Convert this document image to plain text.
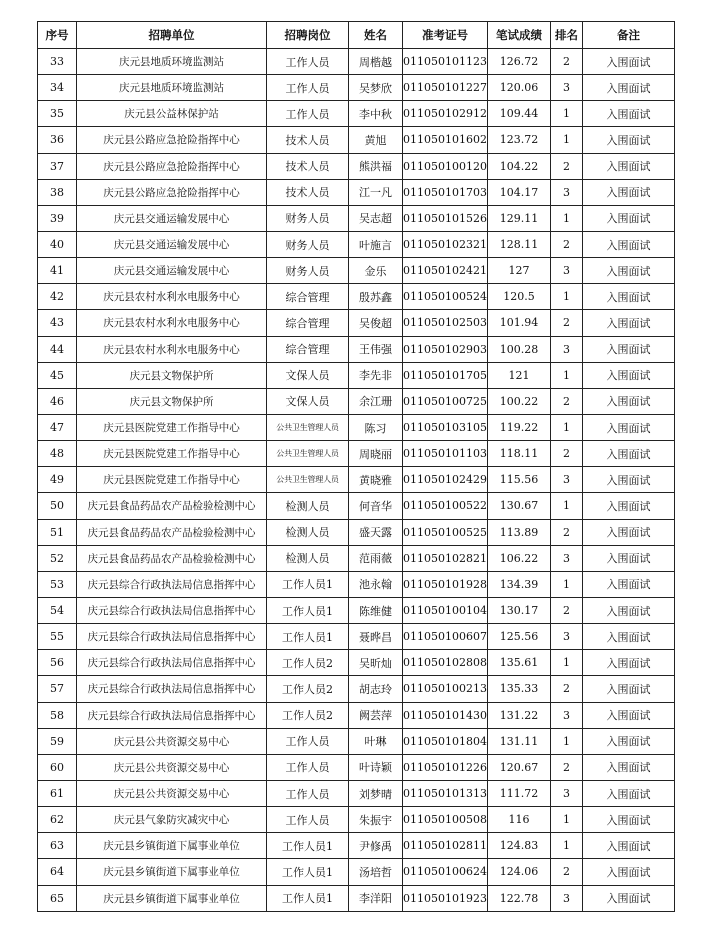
序号	招聘单位	招聘岗位	姓名	准考证号	笔试成绩	排名	备注
33	庆元县地质环境监测站	工作人员	周楷越	011050101123	126.72	2	入围面试
34	庆元县地质环境监测站	工作人员	吴梦欣	011050101227	120.06	3	入围面试
35	庆元县公益林保护站	工作人员	李中秋	011050102912	109.44	1	入围面试
36	庆元县公路应急抢险指挥中心	技术人员	黄旭	011050101602	123.72	1	入围面试
37	庆元县公路应急抢险指挥中心	技术人员	熊洪福	011050100120	104.22	2	入围面试
38	庆元县公路应急抢险指挥中心	技术人员	江一凡	011050101703	104.17	3	入围面试
39	庆元县交通运输发展中心	财务人员	吴志超	011050101526	129.11	1	入围面试
40	庆元县交通运输发展中心	财务人员	叶施言	011050102321	128.11	2	入围面试
41	庆元县交通运输发展中心	财务人员	金乐	011050102421	127	3	入围面试
42	庆元县农村水利水电服务中心	综合管理	殷苏鑫	011050100524	120.5	1	入围面试
43	庆元县农村水利水电服务中心	综合管理	吴俊超	011050102503	101.94	2	入围面试
44	庆元县农村水利水电服务中心	综合管理	王伟强	011050102903	100.28	3	入围面试
45	庆元县文物保护所	文保人员	李先非	011050101705	121	1	入围面试
46	庆元县文物保护所	文保人员	余江珊	011050100725	100.22	2	入围面试
47	庆元县医院党建工作指导中心	公共卫生管理人员	陈习	011050103105	119.22	1	入围面试
48	庆元县医院党建工作指导中心	公共卫生管理人员	周晓丽	011050101103	118.11	2	入围面试
49	庆元县医院党建工作指导中心	公共卫生管理人员	黄晓雅	011050102429	115.56	3	入围面试
50	庆元县食品药品农产品检验检测中心	检测人员	何音华	011050100522	130.67	1	入围面试
51	庆元县食品药品农产品检验检测中心	检测人员	盛天露	011050100525	113.89	2	入围面试
52	庆元县食品药品农产品检验检测中心	检测人员	范雨薇	011050102821	106.22	3	入围面试
53	庆元县综合行政执法局信息指挥中心	工作人员1	池永翰	011050101928	134.39	1	入围面试
54	庆元县综合行政执法局信息指挥中心	工作人员1	陈维健	011050100104	130.17	2	入围面试
55	庆元县综合行政执法局信息指挥中心	工作人员1	聂晔昌	011050100607	125.56	3	入围面试
56	庆元县综合行政执法局信息指挥中心	工作人员2	吴昕灿	011050102808	135.61	1	入围面试
57	庆元县综合行政执法局信息指挥中心	工作人员2	胡志玲	011050100213	135.33	2	入围面试
58	庆元县综合行政执法局信息指挥中心	工作人员2	阙芸萍	011050101430	131.22	3	入围面试
59	庆元县公共资源交易中心	工作人员	叶琳	011050101804	131.11	1	入围面试
60	庆元县公共资源交易中心	工作人员	叶诗颖	011050101226	120.67	2	入围面试
61	庆元县公共资源交易中心	工作人员	刘梦晴	011050101313	111.72	3	入围面试
62	庆元县气象防灾减灾中心	工作人员	朱振宇	011050100508	116	1	入围面试
63	庆元县乡镇街道下属事业单位	工作人员1	尹修禹	011050102811	124.83	1	入围面试
64	庆元县乡镇街道下属事业单位	工作人员1	汤培哲	011050100624	124.06	2	入围面试
65	庆元县乡镇街道下属事业单位	工作人员1	李洋阳	011050101923	122.78	3	入围面试
